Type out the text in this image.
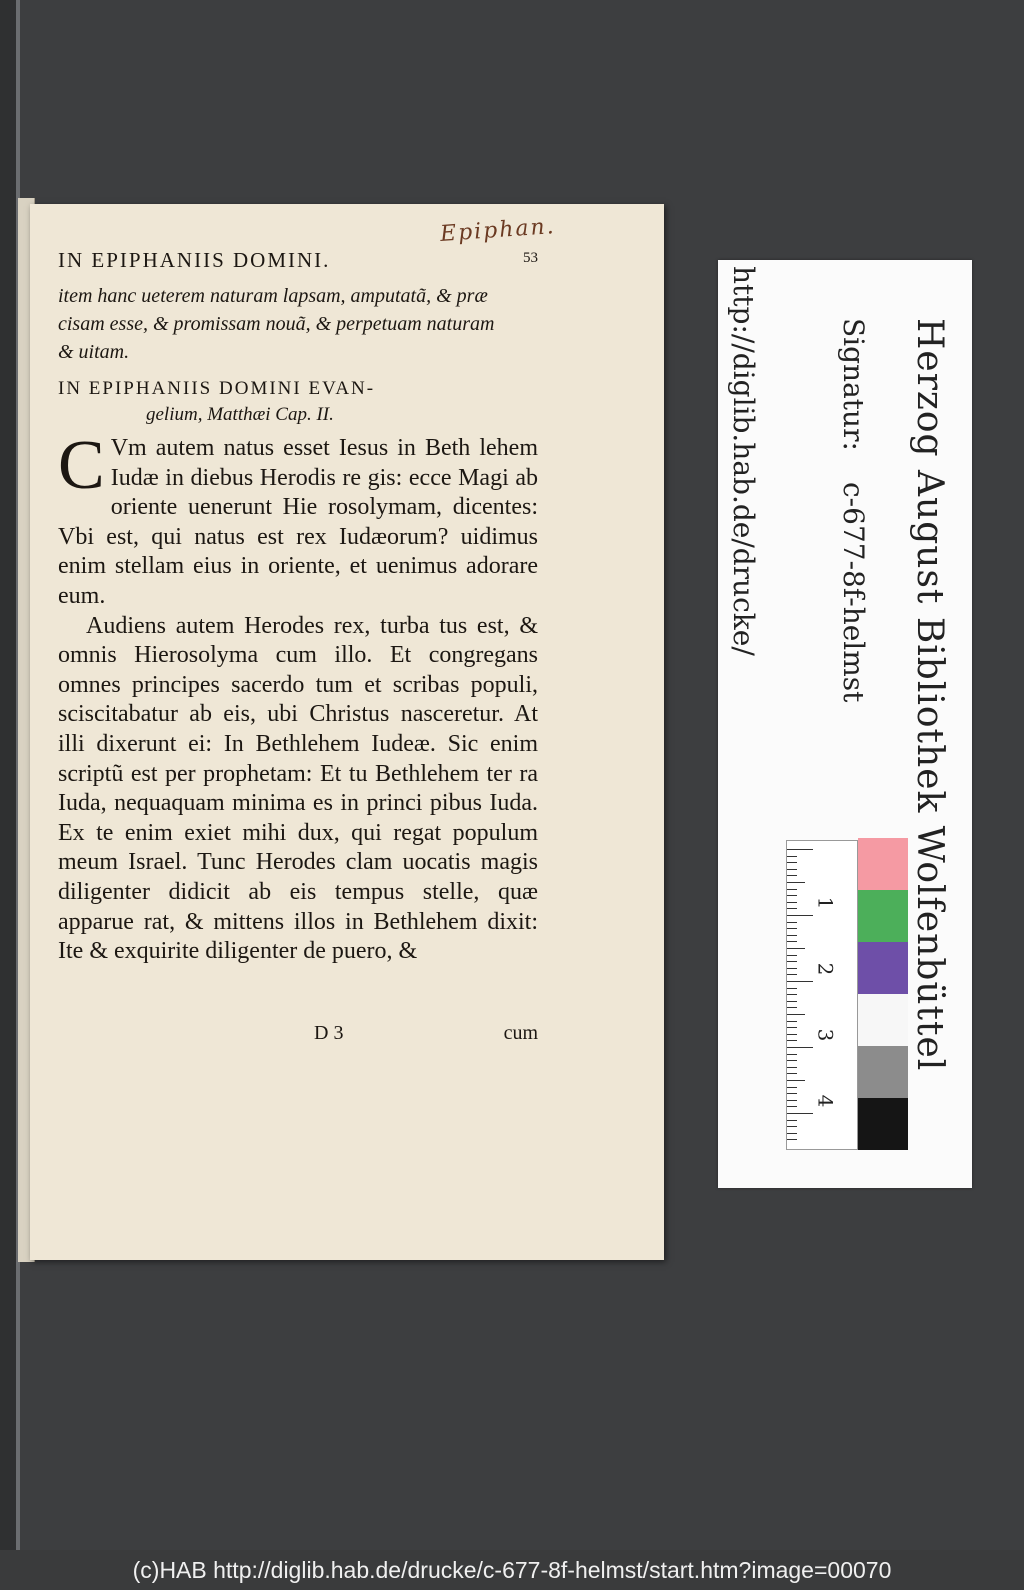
IN EPIPHANIIS DOMINI.	53
Epiphan.
item hanc ueterem naturam lapsam, amputatã, & præ
cisam esse, & promissam nouã, & perpetuam naturam
& uitam.
IN EPIPHANIIS DOMINI EVAN-
gelium, Matthæi Cap. II.
C Vm autem natus esset Iesus in Beth lehem Iudæ in diebus Herodis re gis: ecce Magi ab oriente uenerunt Hie rosolymam, dicentes: Vbi est, qui natus est rex Iudæorum? uidimus enim stellam eius in oriente, et uenimus adorare eum.
Audiens autem Herodes rex, turba tus est, & omnis Hierosolyma cum illo. Et congregans omnes principes sacerdo tum et scribas populi, sciscitabatur ab eis, ubi Christus nasceretur. At illi dixerunt ei: In Bethlehem Iudeæ. Sic enim scriptũ est per prophetam: Et tu Bethlehem ter ra Iuda, nequaquam minima es in princi pibus Iuda. Ex te enim exiet mihi dux, qui regat populum meum Israel. Tunc Herodes clam uocatis magis diligenter didicit ab eis tempus stelle, quæ apparue rat, & mittens illos in Bethlehem dixit: Ite & exquirite diligenter de puero, &
D 3	cum	Herzog August Bibliothek Wolfenbüttel
Signatur:
c-677-8f-helmst
http://diglib.hab.de/drucke/
1
2
3
4
(c)HAB http://diglib.hab.de/drucke/c-677-8f-helmst/start.htm?image=00070
